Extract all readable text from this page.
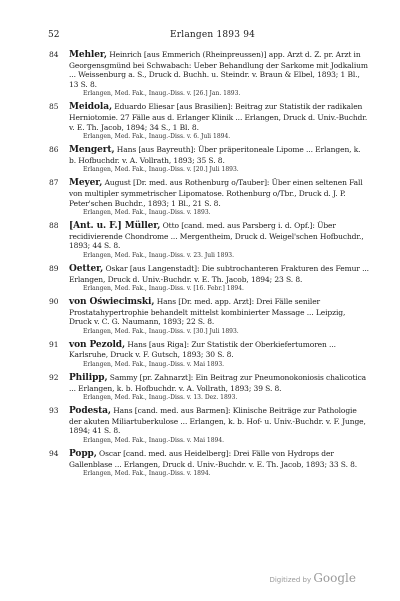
52	Erlangen 1893 94
84 Mehler, Heinrich [aus Emmerich (Rheinpreussen)] app. Arzt d. Z. pr. Arzt in Georgensgmünd bei Schwabach: Ueber Behandlung der Sarkome mit Jodkalium ... Weissenburg a. S., Druck d. Buchh. u. Steindr. v. Braun & Elbel, 1893; 1 Bl., 13 S. 8.
Erlangen, Med. Fak., Inaug.-Diss. v. [26.] Jan. 1893.
85 Meidola, Eduardo Eliesar [aus Brasilien]: Beitrag zur Statistik der radikalen Herniotomie. 27 Fälle aus d. Erlanger Klinik ... Erlangen, Druck d. Univ.-Buchdr. v. E. Th. Jacob, 1894; 34 S., 1 Bl. 8.
Erlangen, Med. Fak., Inaug.-Diss. v. 6. Juli 1894.
86 Mengert, Hans [aus Bayreuth]: Über präperitoneale Lipome ... Erlangen, k. b. Hofbuchdr. v. A. Vollrath, 1893; 35 S. 8.
Erlangen, Med. Fak., Inaug.-Diss. v. [20.] Juli 1893.
87 Meyer, August [Dr. med. aus Rothenburg o/Tauber]: Über einen seltenen Fall von multipler symmetrischer Lipomatose. Rothenburg o/Tbr., Druck d. J. P. Peter'schen Buchdr., 1893; 1 Bl., 21 S. 8.
Erlangen, Med. Fak., Inaug.-Diss. v. 1893.
88 [Ant. u. F.] Müller, Otto [cand. med. aus Parsberg i. d. Opf.]: Über recidivierende Chondrome ... Mergentheim, Druck d. Weigel'schen Hofbuchdr., 1893; 44 S. 8.
Erlangen, Med. Fak., Inaug.-Diss. v. 23. Juli 1893.
89 Oetter, Oskar [aus Langenstadt]: Die subtrochanteren Frakturen des Femur ... Erlangen, Druck d. Univ.-Buchdr. v. E. Th. Jacob, 1894; 23 S. 8.
Erlangen, Med. Fak., Inaug.-Diss. v. [16. Febr.] 1894.
90 von Oświecimski, Hans [Dr. med. app. Arzt]: Drei Fälle seniler Prostatahypertrophie behandelt mittelst kombinierter Massage ... Leipzig, Druck v. C. G. Naumann, 1893; 22 S. 8.
Erlangen, Med. Fak., Inaug.-Diss. v. [30.] Juli 1893.
91 von Pezold, Hans [aus Riga]: Zur Statistik der Oberkiefertumoren ... Karlsruhe, Druck v. F. Gutsch, 1893; 30 S. 8.
Erlangen, Med. Fak., Inaug.-Diss. v. Mai 1893.
92 Philipp, Sammy [pr. Zahnarzt]: Ein Beitrag zur Pneumonokoniosis chalicotica ... Erlangen, k. b. Hofbuchdr. v. A. Vollrath, 1893; 39 S. 8.
Erlangen, Med. Fak., Inaug.-Diss. v. 13. Dez. 1893.
93 Podesta, Hans [cand. med. aus Barmen]: Klinische Beiträge zur Pathologie der akuten Miliartuberkulose ... Erlangen, k. b. Hof- u. Univ.-Buchdr. v. F. Junge, 1894; 41 S. 8.
Erlangen, Med. Fak., Inaug.-Diss. v. Mai 1894.
94 Popp, Oscar [cand. med. aus Heidelberg]: Drei Fälle von Hydrops der Gallenblase ... Erlangen, Druck d. Univ.-Buchdr. v. E. Th. Jacob, 1893; 33 S. 8.
Erlangen, Med. Fak., Inaug.-Diss. v. 1894.
Digitized by Google
